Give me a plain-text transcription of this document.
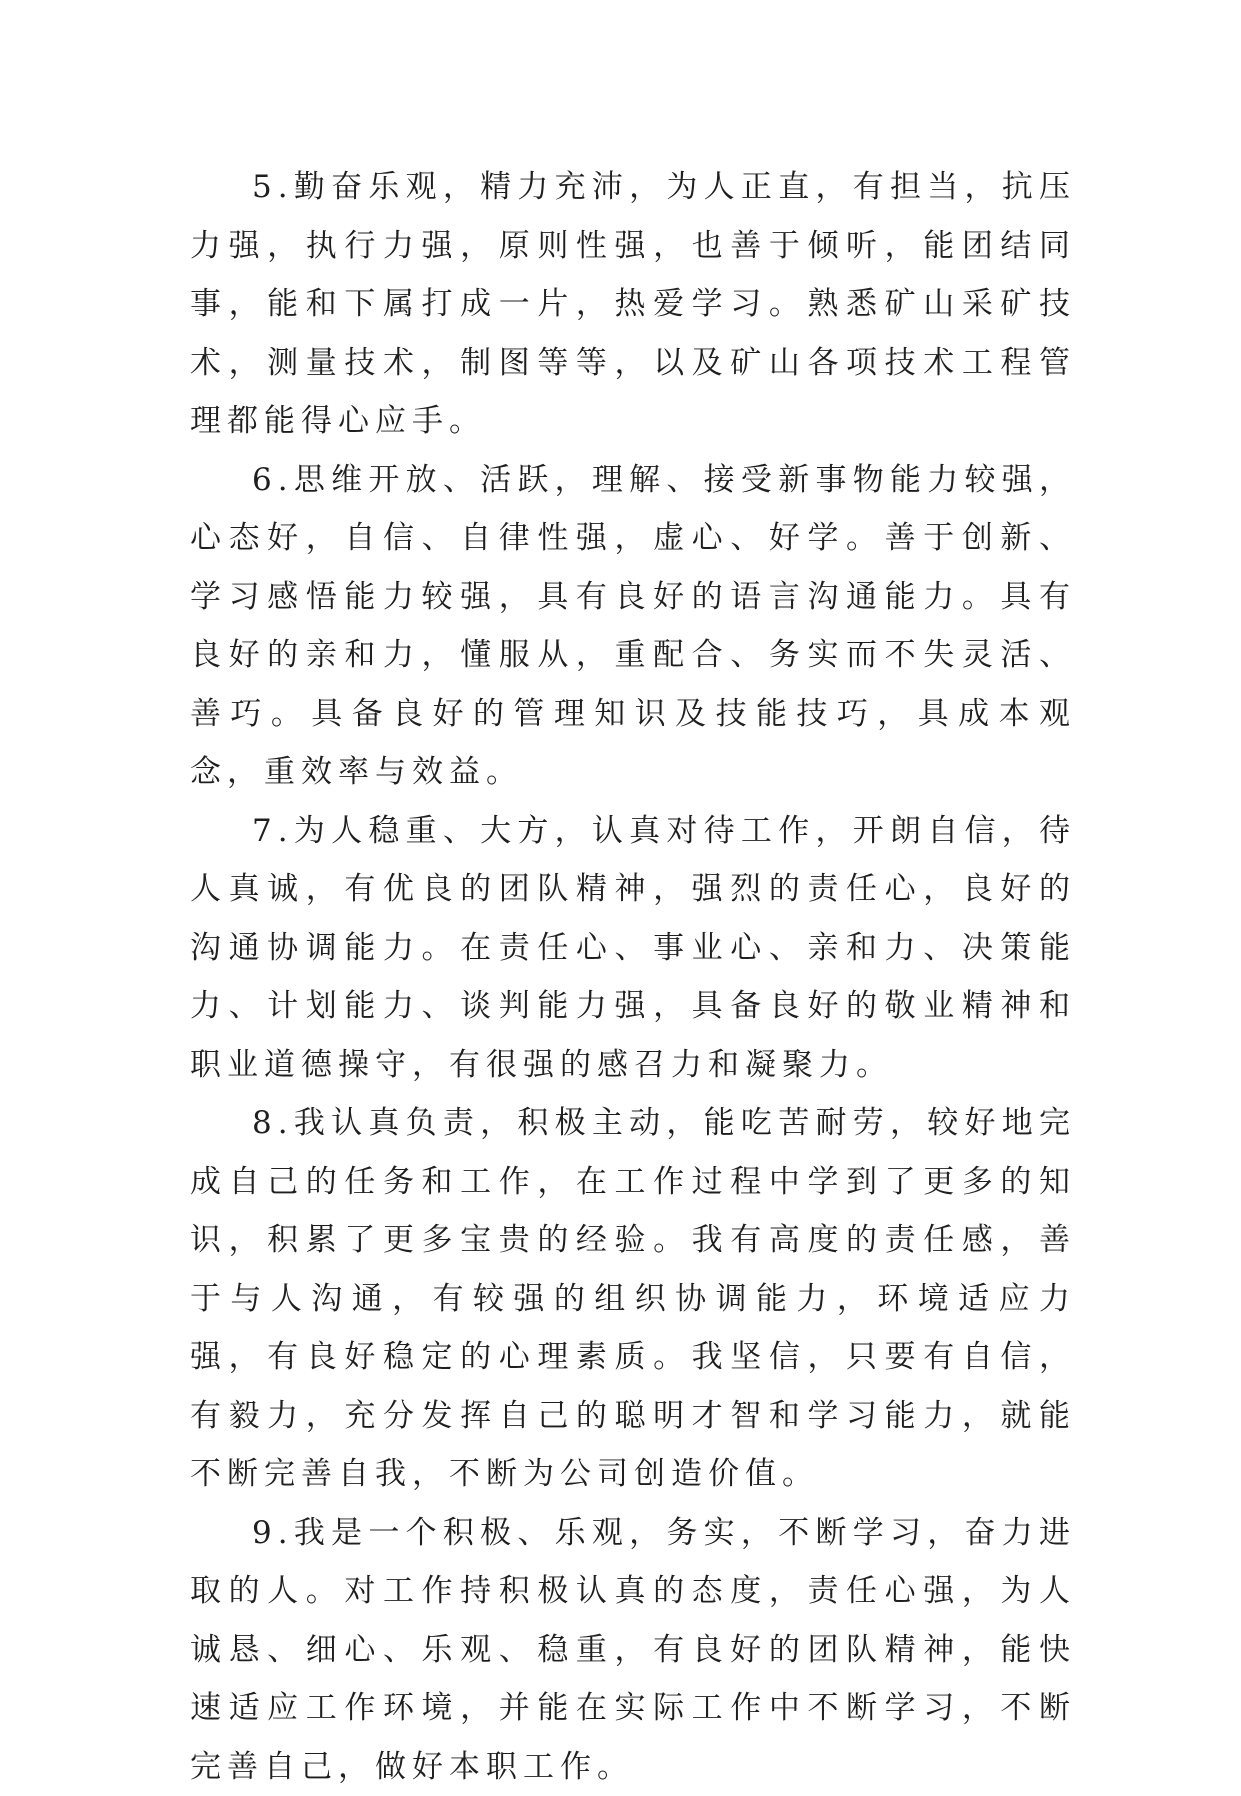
5.勤奋乐观，精力充沛，为人正直，有担当，抗压力强，执行力强，原则性强，也善于倾听，能团结同事，能和下属打成一片，热爱学习。熟悉矿山采矿技术，测量技术，制图等等，以及矿山各项技术工程管理都能得心应手。

6.思维开放、活跃，理解、接受新事物能力较强，心态好，自信、自律性强，虚心、好学。善于创新、学习感悟能力较强，具有良好的语言沟通能力。具有良好的亲和力，懂服从，重配合、务实而不失灵活、善巧。具备良好的管理知识及技能技巧，具成本观念，重效率与效益。

7.为人稳重、大方，认真对待工作，开朗自信，待人真诚，有优良的团队精神，强烈的责任心，良好的沟通协调能力。在责任心、事业心、亲和力、决策能力、计划能力、谈判能力强，具备良好的敬业精神和职业道德操守，有很强的感召力和凝聚力。

8.我认真负责，积极主动，能吃苦耐劳，较好地完成自己的任务和工作，在工作过程中学到了更多的知识，积累了更多宝贵的经验。我有高度的责任感，善于与人沟通，有较强的组织协调能力，环境适应力强，有良好稳定的心理素质。我坚信，只要有自信，有毅力，充分发挥自己的聪明才智和学习能力，就能不断完善自我，不断为公司创造价值。

9.我是一个积极、乐观，务实，不断学习，奋力进取的人。对工作持积极认真的态度，责任心强，为人诚恳、细心、乐观、稳重，有良好的团队精神，能快速适应工作环境，并能在实际工作中不断学习，不断完善自己，做好本职工作。
